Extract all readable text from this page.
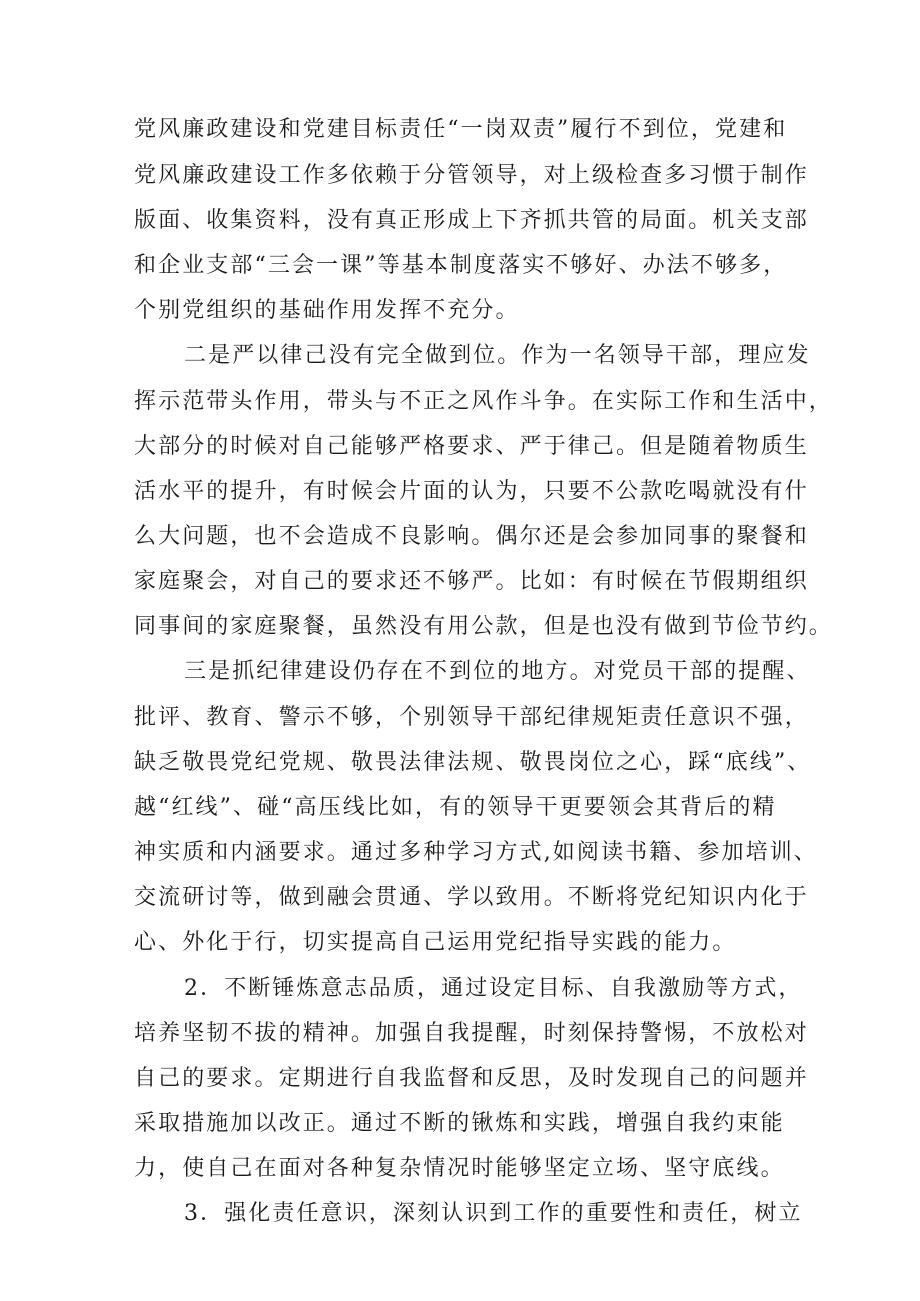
党风廉政建设和党建目标责任“一岗双责”履行不到位，党建和
党风廉政建设工作多依赖于分管领导，对上级检查多习惯于制作
版面、收集资料，没有真正形成上下齐抓共管的局面。机关支部
和企业支部“三会一课”等基本制度落实不够好、办法不够多，
个别党组织的基础作用发挥不充分。
二是严以律己没有完全做到位。作为一名领导干部，理应发
挥示范带头作用，带头与不正之风作斗争。在实际工作和生活中，
大部分的时候对自己能够严格要求、严于律己。但是随着物质生
活水平的提升，有时候会片面的认为，只要不公款吃喝就没有什
么大问题，也不会造成不良影响。偶尔还是会参加同事的聚餐和
家庭聚会，对自己的要求还不够严。比如：有时候在节假期组织
同事间的家庭聚餐，虽然没有用公款，但是也没有做到节俭节约。
三是抓纪律建设仍存在不到位的地方。对党员干部的提醒、
批评、教育、警示不够，个别领导干部纪律规矩责任意识不强，
缺乏敬畏党纪党规、敬畏法律法规、敬畏岗位之心，踩“底线”、
越“红线”、碰“高压线比如，有的领导干更要领会其背后的精
神实质和内涵要求。通过多种学习方式,如阅读书籍、参加培训、
交流研讨等，做到融会贯通、学以致用。不断将党纪知识内化于
心、外化于行，切实提高自己运用党纪指导实践的能力。
2．不断锤炼意志品质，通过设定目标、自我激励等方式，
培养坚韧不拔的精神。加强自我提醒，时刻保持警惕，不放松对
自己的要求。定期进行自我监督和反思，及时发现自己的问题并
采取措施加以改正。通过不断的锹炼和实践，增强自我约束能
力，使自己在面对各种复杂情况时能够坚定立场、坚守底线。
3．强化责任意识，深刻认识到工作的重要性和责任，树立
